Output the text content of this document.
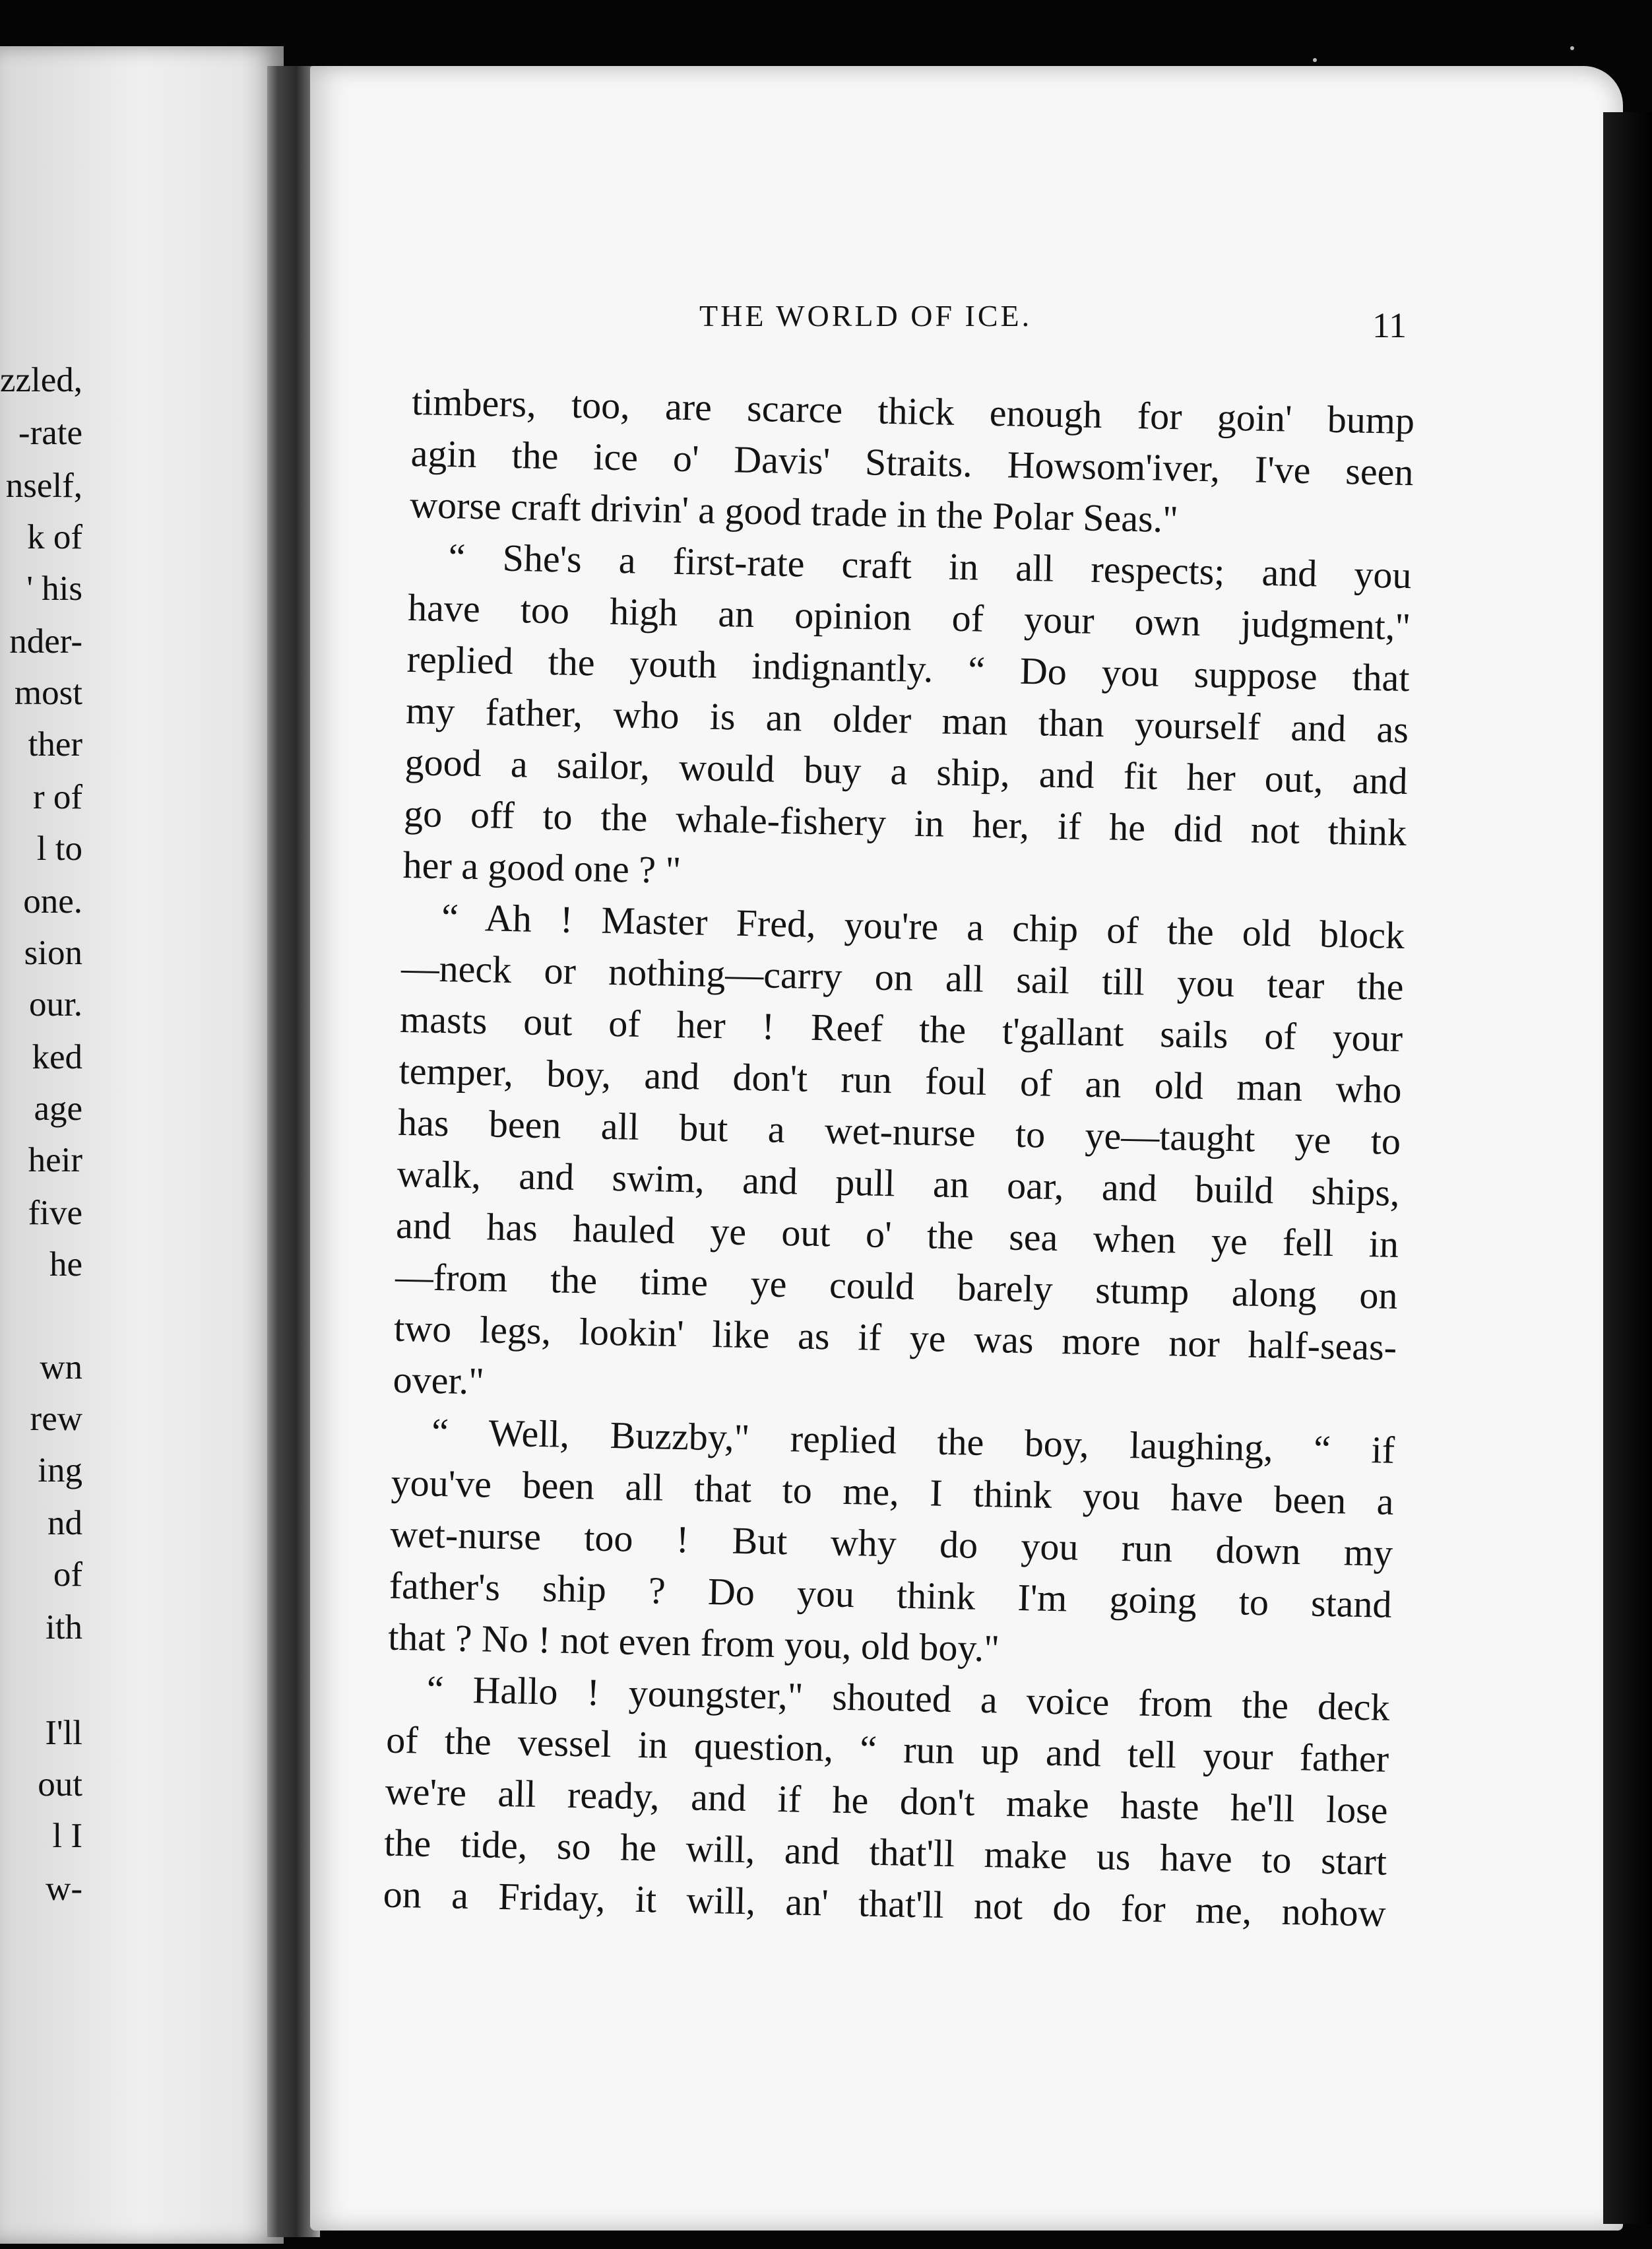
zzled,
-rate
nself,
k of
' his
nder-
most
ther
r of
l to
one.
sion
our.
ked
age
heir
five
he
wn
rew
ing
nd
of
ith
I'll
out
l I
w-
THE WORLD OF ICE.	11
timbers, too, are scarce thick enough for goin' bump
agin the ice o' Davis' Straits. Howsom'iver, I've seen
worse craft drivin' a good trade in the Polar Seas."
“ She's a first-rate craft in all respects; and you
have too high an opinion of your own judgment,"
replied the youth indignantly. “ Do you suppose that
my father, who is an older man than yourself and as
good a sailor, would buy a ship, and fit her out, and
go off to the whale-fishery in her, if he did not think
her a good one ? "
“ Ah ! Master Fred, you're a chip of the old block
—neck or nothing—carry on all sail till you tear the
masts out of her ! Reef the t'gallant sails of your
temper, boy, and don't run foul of an old man who
has been all but a wet-nurse to ye—taught ye to
walk, and swim, and pull an oar, and build ships,
and has hauled ye out o' the sea when ye fell in
—from the time ye could barely stump along on
two legs, lookin' like as if ye was more nor half-seas-
over."
“ Well, Buzzby," replied the boy, laughing, “ if
you've been all that to me, I think you have been a
wet-nurse too ! But why do you run down my
father's ship ? Do you think I'm going to stand
that ? No ! not even from you, old boy."
“ Hallo ! youngster," shouted a voice from the deck
of the vessel in question, “ run up and tell your father
we're all ready, and if he don't make haste he'll lose
the tide, so he will, and that'll make us have to start
on a Friday, it will, an' that'll not do for me, nohow
